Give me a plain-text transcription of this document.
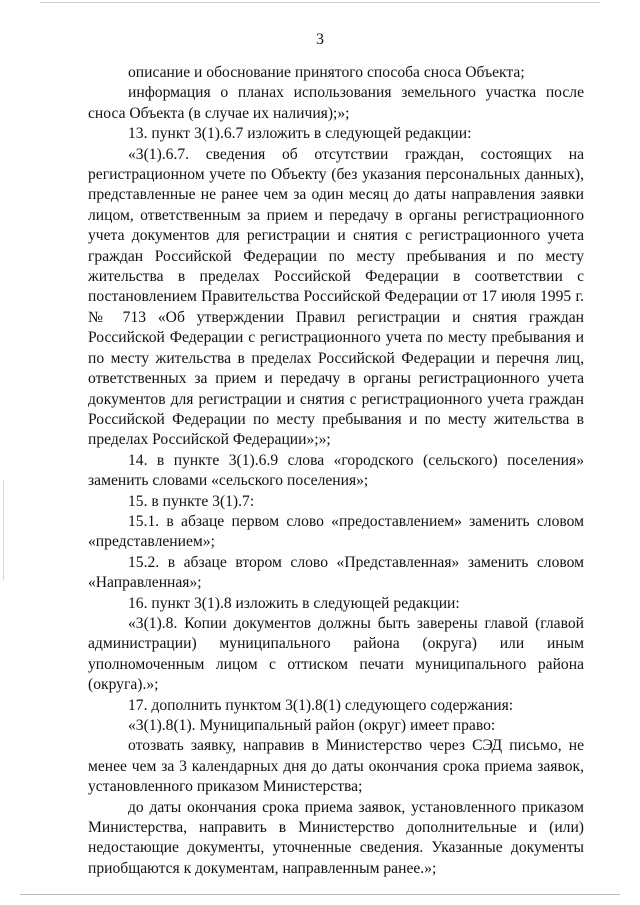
3

описание и обоснование принятого способа сноса Объекта;

информация о планах использования земельного участка после сноса Объекта (в случае их наличия);»;

13. пункт 3(1).6.7 изложить в следующей редакции:

«3(1).6.7. сведения об отсутствии граждан, состоящих на регистрационном учете по Объекту (без указания персональных данных), представленные не ранее чем за один месяц до даты направления заявки лицом, ответственным за прием и передачу в органы регистрационного учета документов для регистрации и снятия с регистрационного учета граждан Российской Федерации по месту пребывания и по месту жительства в пределах Российской Федерации в соответствии с постановлением Правительства Российской Федерации от 17 июля 1995 г. № 713 «Об утверждении Правил регистрации и снятия граждан Российской Федерации с регистрационного учета по месту пребывания и по месту жительства в пределах Российской Федерации и перечня лиц, ответственных за прием и передачу в органы регистрационного учета документов для регистрации и снятия с регистрационного учета граждан Российской Федерации по месту пребывания и по месту жительства в пределах Российской Федерации»;»;

14. в пункте 3(1).6.9 слова «городского (сельского) поселения» заменить словами «сельского поселения»;

15. в пункте 3(1).7:

15.1. в абзаце первом слово «предоставлением» заменить словом «представлением»;

15.2. в абзаце втором слово «Представленная» заменить словом «Направленная»;

16. пункт 3(1).8 изложить в следующей редакции:

«3(1).8. Копии документов должны быть заверены главой (главой администрации) муниципального района (округа) или иным уполномоченным лицом с оттиском печати муниципального района (округа).»;

17. дополнить пунктом 3(1).8(1) следующего содержания:

«3(1).8(1). Муниципальный район (округ) имеет право:

отозвать заявку, направив в Министерство через СЭД письмо, не менее чем за 3 календарных дня до даты окончания срока приема заявок, установленного приказом Министерства;

до даты окончания срока приема заявок, установленного приказом Министерства, направить в Министерство дополнительные и (или) недостающие документы, уточненные сведения. Указанные документы приобщаются к документам, направленным ранее.»;
